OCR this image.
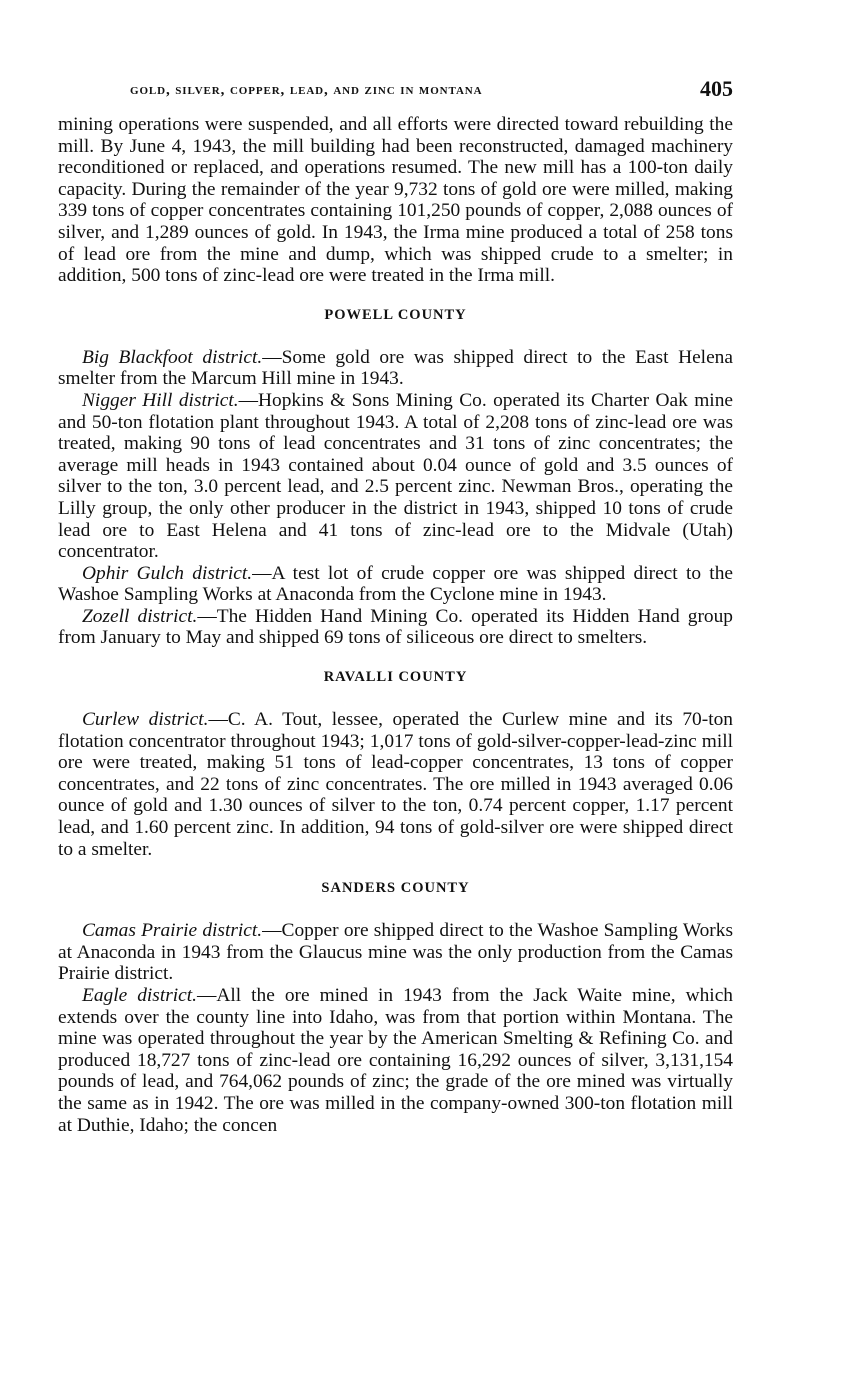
gold, silver, copper, lead, and zinc in montana	405

mining operations were suspended, and all efforts were directed toward rebuilding the mill. By June 4, 1943, the mill building had been reconstructed, damaged machinery reconditioned or replaced, and operations resumed. The new mill has a 100-ton daily capacity. During the remainder of the year 9,732 tons of gold ore were milled, making 339 tons of copper concentrates containing 101,250 pounds of copper, 2,088 ounces of silver, and 1,289 ounces of gold. In 1943, the Irma mine produced a total of 258 tons of lead ore from the mine and dump, which was shipped crude to a smelter; in addition, 500 tons of zinc-lead ore were treated in the Irma mill.

POWELL COUNTY

Big Blackfoot district.—Some gold ore was shipped direct to the East Helena smelter from the Marcum Hill mine in 1943.

Nigger Hill district.—Hopkins & Sons Mining Co. operated its Charter Oak mine and 50-ton flotation plant throughout 1943. A total of 2,208 tons of zinc-lead ore was treated, making 90 tons of lead concentrates and 31 tons of zinc concentrates; the average mill heads in 1943 contained about 0.04 ounce of gold and 3.5 ounces of silver to the ton, 3.0 percent lead, and 2.5 percent zinc. Newman Bros., operating the Lilly group, the only other producer in the district in 1943, shipped 10 tons of crude lead ore to East Helena and 41 tons of zinc-lead ore to the Midvale (Utah) concentrator.

Ophir Gulch district.—A test lot of crude copper ore was shipped direct to the Washoe Sampling Works at Anaconda from the Cyclone mine in 1943.

Zozell district.—The Hidden Hand Mining Co. operated its Hidden Hand group from January to May and shipped 69 tons of siliceous ore direct to smelters.

RAVALLI COUNTY

Curlew district.—C. A. Tout, lessee, operated the Curlew mine and its 70-ton flotation concentrator throughout 1943; 1,017 tons of gold-silver-copper-lead-zinc mill ore were treated, making 51 tons of lead-copper concentrates, 13 tons of copper concentrates, and 22 tons of zinc concentrates. The ore milled in 1943 averaged 0.06 ounce of gold and 1.30 ounces of silver to the ton, 0.74 percent copper, 1.17 percent lead, and 1.60 percent zinc. In addition, 94 tons of gold-silver ore were shipped direct to a smelter.

SANDERS COUNTY

Camas Prairie district.—Copper ore shipped direct to the Washoe Sampling Works at Anaconda in 1943 from the Glaucus mine was the only production from the Camas Prairie district.

Eagle district.—All the ore mined in 1943 from the Jack Waite mine, which extends over the county line into Idaho, was from that portion within Montana. The mine was operated throughout the year by the American Smelting & Refining Co. and produced 18,727 tons of zinc-lead ore containing 16,292 ounces of silver, 3,131,154 pounds of lead, and 764,062 pounds of zinc; the grade of the ore mined was virtually the same as in 1942. The ore was milled in the company-owned 300-ton flotation mill at Duthie, Idaho; the concen
